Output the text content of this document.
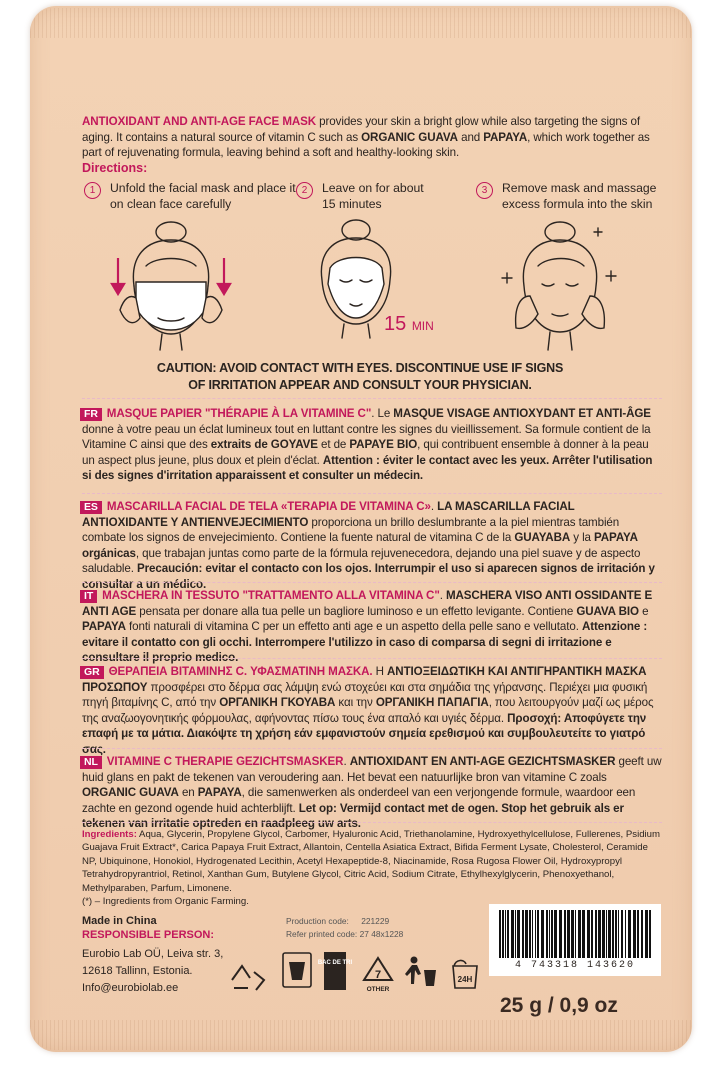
ANTIOXIDANT AND ANTI-AGE FACE MASK provides your skin a bright glow while also targeting the signs of aging. It contains a natural source of vitamin C such as ORGANIC GUAVA and PAPAYA, which work together as part of rejuvenating formula, leaving behind a soft and healthy-looking skin.
Directions:
1	Unfold the facial mask and place it
on clean face carefully
2	Leave on for about
15 minutes
3	Remove mask and massage
excess formula into the skin
15 MIN
CAUTION: AVOID CONTACT WITH EYES. DISCONTINUE USE IF SIGNS
OF IRRITATION APPEAR AND CONSULT YOUR PHYSICIAN.
FR MASQUE PAPIER "THÉRAPIE À LA VITAMINE C". Le MASQUE VISAGE ANTIOXYDANT ET ANTI-ÂGE donne à votre peau un éclat lumineux tout en luttant contre les signes du vieillissement. Sa formule contient de la Vitamine C ainsi que des extraits de GOYAVE et de PAPAYE BIO, qui contribuent ensemble à donner à la peau un aspect plus jeune, plus doux et plein d'éclat. Attention : éviter le contact avec les yeux. Arrêter l'utilisation si des signes d'irritation apparaissent et consulter un médecin.
ES MASCARILLA FACIAL DE TELA «TERAPIA DE VITAMINA C». LA MASCARILLA FACIAL ANTIOXIDANTE Y ANTIENVEJECIMIENTO proporciona un brillo deslumbrante a la piel mientras también combate los signos de envejecimiento. Contiene la fuente natural de vitamina C de la GUAYABA y la PAPAYA orgánicas, que trabajan juntas como parte de la fórmula rejuvenecedora, dejando una piel suave y de aspecto saludable. Precaución: evitar el contacto con los ojos. Interrumpir el uso si aparecen signos de irritación y consultar a un médico.
IT MASCHERA IN TESSUTO "TRATTAMENTO ALLA VITAMINA C". MASCHERA VISO ANTI OSSIDANTE E ANTI AGE pensata per donare alla tua pelle un bagliore luminoso e un effetto levigante. Contiene GUAVA BIO e PAPAYA fonti naturali di vitamina C per un effetto anti age e un aspetto della pelle sano e vellutato. Attenzione : evitare il contatto con gli occhi. Interrompere l'utilizzo in caso di comparsa di segni di irritazione e consultare il proprio medico.
GR ΘΕΡΑΠΕΙΑ ΒΙΤΑΜΙΝΗΣ C. ΥΦΑΣΜΑΤΙΝΗ ΜΑΣΚΑ. Η ΑΝΤΙΟΞΕΙΔΩΤΙΚΗ ΚΑΙ ΑΝΤΙΓΗΡΑΝΤΙΚΗ ΜΑΣΚΑ ΠΡΟΣΩΠΟΥ προσφέρει στο δέρμα σας λάμψη ενώ στοχεύει και στα σημάδια της γήρανσης. Περιέχει μια φυσική πηγή βιταμίνης C, από την ΟΡΓΑΝΙΚΗ ΓΚΟΥΑΒΑ και την ΟΡΓΑΝΙΚΗ ΠΑΠΑΓΙΑ, που λειτουργούν μαζί ως μέρος της αναζωογονητικής φόρμουλας, αφήνοντας πίσω τους ένα απαλό και υγιές δέρμα. Προσοχή: Αποφύγετε την επαφή με τα μάτια. Διακόψτε τη χρήση εάν εμφανιστούν σημεία ερεθισμού και συμβουλευτείτε το γιατρό σας.
NL VITAMINE C THERAPIE GEZICHTSMASKER. ANTIOXIDANT EN ANTI-AGE GEZICHTSMASKER geeft uw huid glans en pakt de tekenen van veroudering aan. Het bevat een natuurlijke bron van vitamine C zoals ORGANIC GUAVA en PAPAYA, die samenwerken als onderdeel van een verjongende formule, waardoor een zachte en gezond ogende huid achterblijft. Let op: Vermijd contact met de ogen. Stop het gebruik als er tekenen van irritatie optreden en raadpleeg uw arts.
Ingredients: Aqua, Glycerin, Propylene Glycol, Carbomer, Hyaluronic Acid, Triethanolamine, Hydroxyethylcellulose, Fullerenes, Psidium Guajava Fruit Extract*, Carica Papaya Fruit Extract, Allantoin, Centella Asiatica Extract, Bifida Ferment Lysate, Cholesterol, Ceramide NP, Ubiquinone, Honokiol, Hydrogenated Lecithin, Acetyl Hexapeptide-8, Niacinamide, Rosa Rugosa Flower Oil, Hydroxypropyl Tetrahydropyrantriol, Retinol, Xanthan Gum, Butylene Glycol, Citric Acid, Sodium Citrate, Ethylhexylglycerin, Phenoxyethanol, Methylparaben, Parfum, Limonene.
(*) – Ingredients from Organic Farming.
Made in China
RESPONSIBLE PERSON:
Eurobio Lab OÜ, Leiva str. 3,
12618 Tallinn, Estonia.
Info@eurobiolab.ee
Production code: 221229
Refer printed code: 27 48х1228
4 743318 143620
BAC DE TRI
7
OTHER
24H
25 g / 0,9 oz
